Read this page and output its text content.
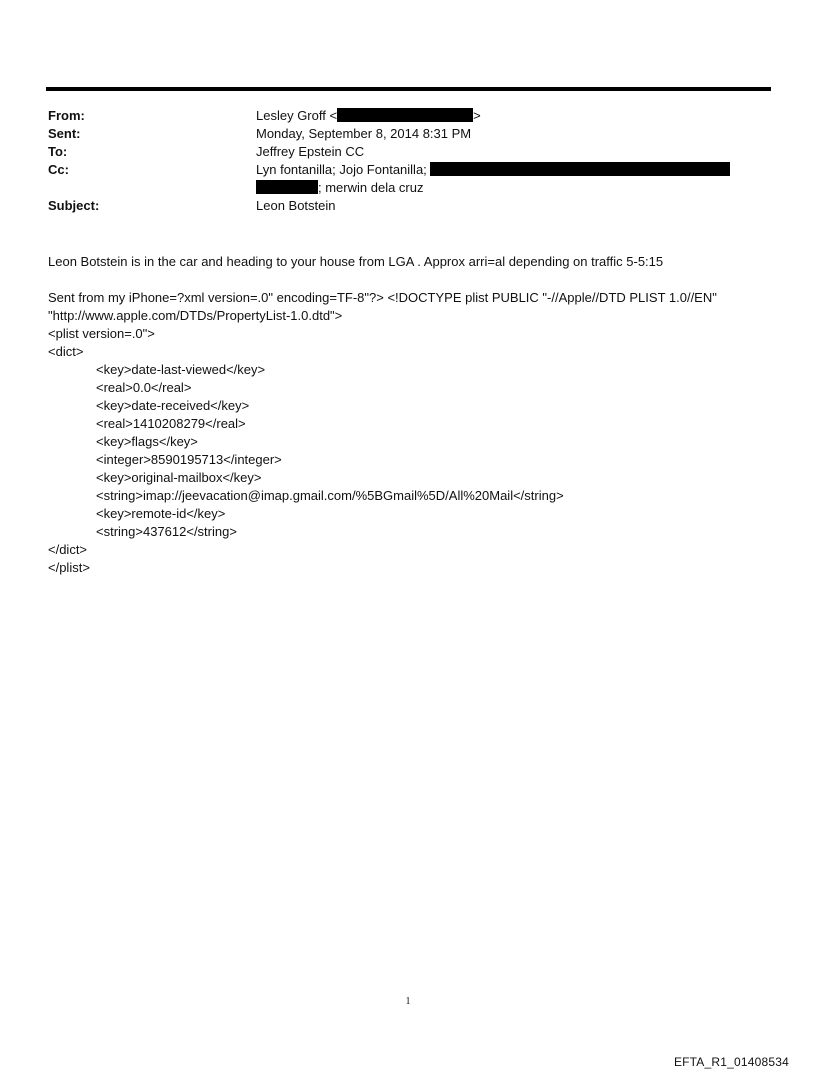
From:	Lesley Groff <	>
Sent:	Monday, September 8, 2014 8:31 PM
To:	Jeffrey Epstein CC
Cc:	Lyn fontanilla; Jojo Fontanilla;
; merwin dela cruz
Subject:	Leon Botstein

Leon Botstein is in the car and heading to your house from LGA . Approx arri=al depending on traffic 5-5:15

Sent from my iPhone=?xml version=.0" encoding=TF-8"?> <!DOCTYPE plist PUBLIC "-//Apple//DTD PLIST 1.0//EN"

"http://www.apple.com/DTDs/PropertyList-1.0.dtd">

<plist version=.0">

<dict>

<key>date-last-viewed</key>

<real>0.0</real>

<key>date-received</key>

<real>1410208279</real>

<key>flags</key>

<integer>8590195713</integer>

<key>original-mailbox</key>

<string>imap://jeevacation@imap.gmail.com/%5BGmail%5D/All%20Mail</string>

<key>remote-id</key>

<string>437612</string>

</dict>

</plist>

1
EFTA_R1_01408534
